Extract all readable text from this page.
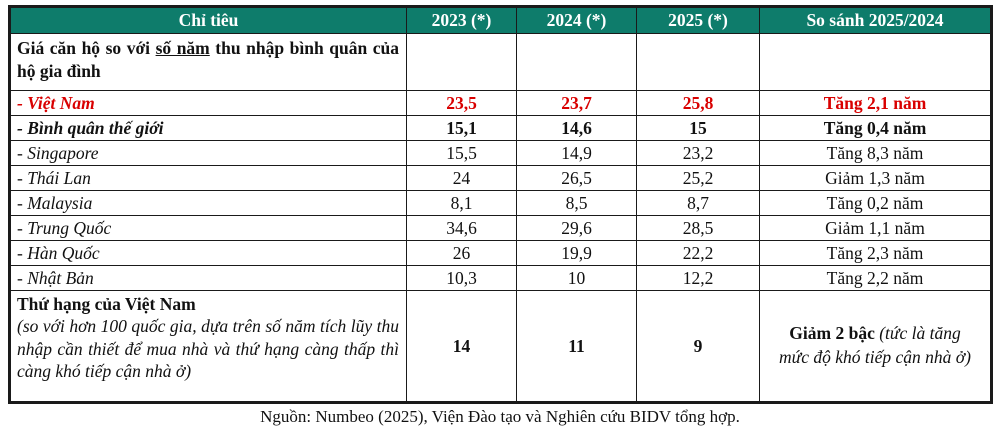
Chỉ tiêu	2023 (*)	2024 (*)	2025 (*)	So sánh 2025/2024
Giá căn hộ so với số năm thu nhập bình quân của hộ gia đình				
- Việt Nam	23,5	23,7	25,8	Tăng 2,1 năm
- Bình quân thế giới	15,1	14,6	15	Tăng 0,4 năm
- Singapore	15,5	14,9	23,2	Tăng 8,3 năm
- Thái Lan	24	26,5	25,2	Giảm 1,3 năm
- Malaysia	8,1	8,5	8,7	Tăng 0,2 năm
- Trung Quốc	34,6	29,6	28,5	Giảm 1,1 năm
- Hàn Quốc	26	19,9	22,2	Tăng 2,3 năm
- Nhật Bản	10,3	10	12,2	Tăng 2,2 năm
Thứ hạng của Việt Nam
(so với hơn 100 quốc gia, dựa trên số năm tích lũy thu nhập cần thiết để mua nhà và thứ hạng càng thấp thì càng khó tiếp cận nhà ở)	14	11	9	Giảm 2 bậc (tức là tăng mức độ khó tiếp cận nhà ở)
Nguồn: Numbeo (2025), Viện Đào tạo và Nghiên cứu BIDV tổng hợp.
